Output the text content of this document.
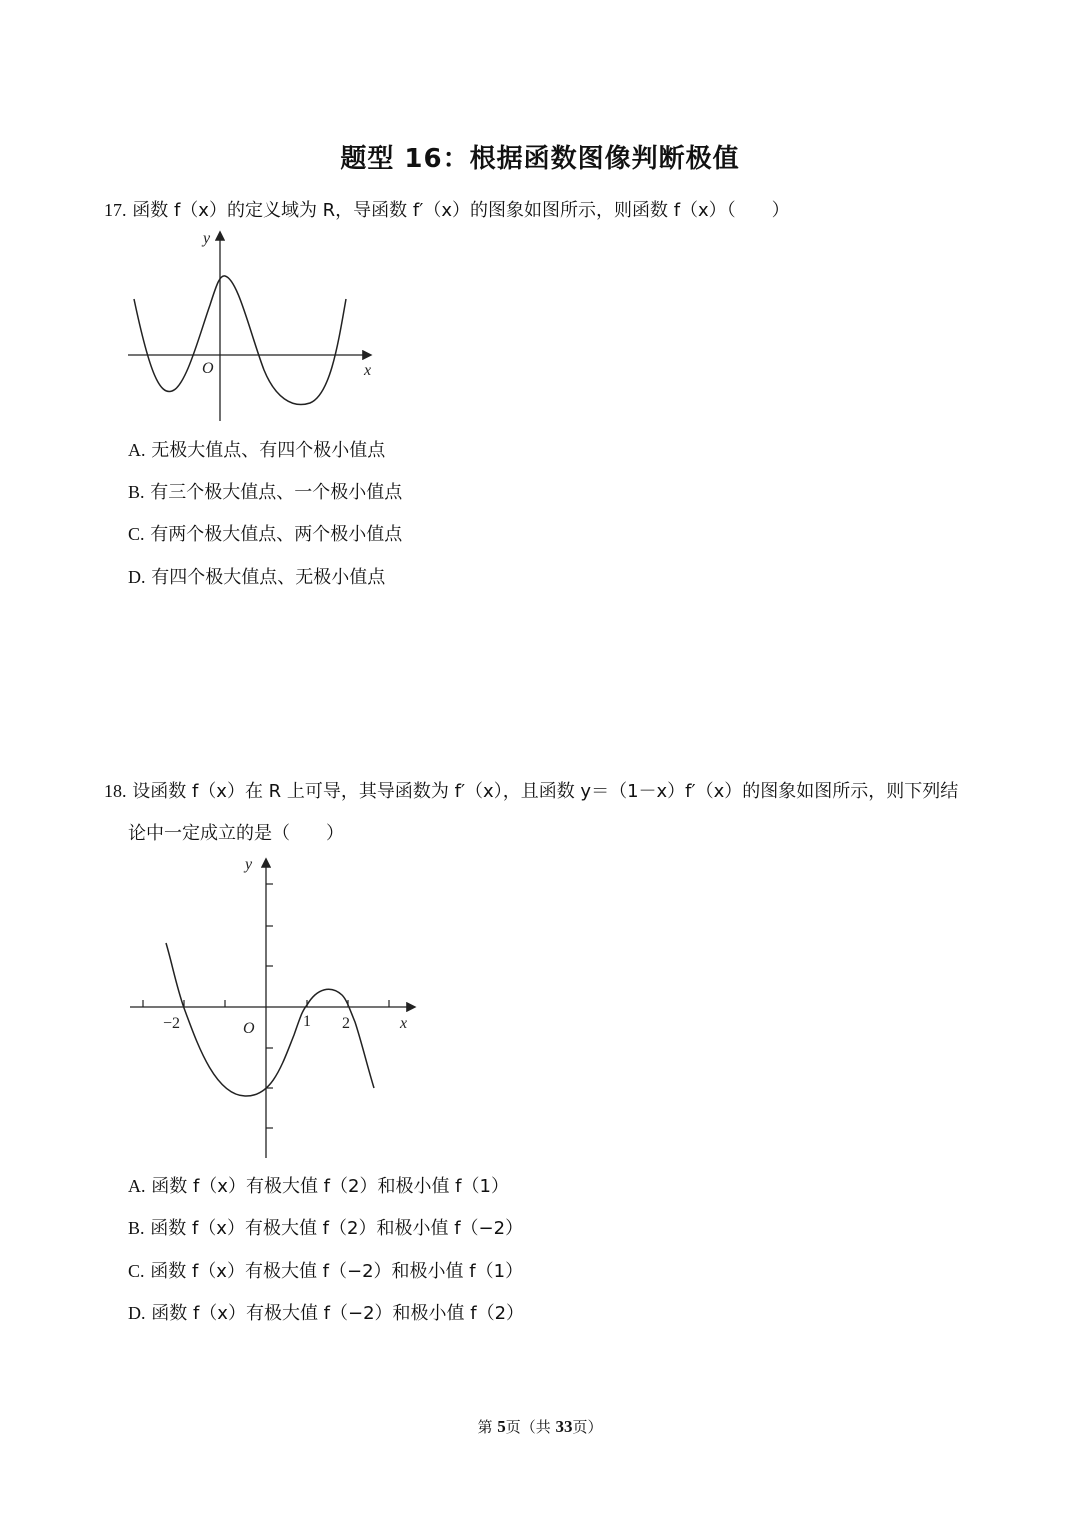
题型 16：根据函数图像判断极值
17. 函数 f（x）的定义域为 R，导函数 f′（x）的图象如图所示，则函数 f（x）（　　）
y
x
O
A. 无极大值点、有四个极小值点
B. 有三个极大值点、一个极小值点
C. 有两个极大值点、两个极小值点
D. 有四个极大值点、无极小值点
18. 设函数 f（x）在 R 上可导，其导函数为 f′（x），且函数 y＝（1－x）f′（x）的图象如图所示，则下列结
论中一定成立的是（　　）
y
x
O
−2	1 2
A. 函数 f（x）有极大值 f（2）和极小值 f（1）
B. 函数 f（x）有极大值 f（2）和极小值 f（−2）
C. 函数 f（x）有极大值 f（−2）和极小值 f（1）
D. 函数 f（x）有极大值 f（−2）和极小值 f（2）
第 5页（共 33页）
